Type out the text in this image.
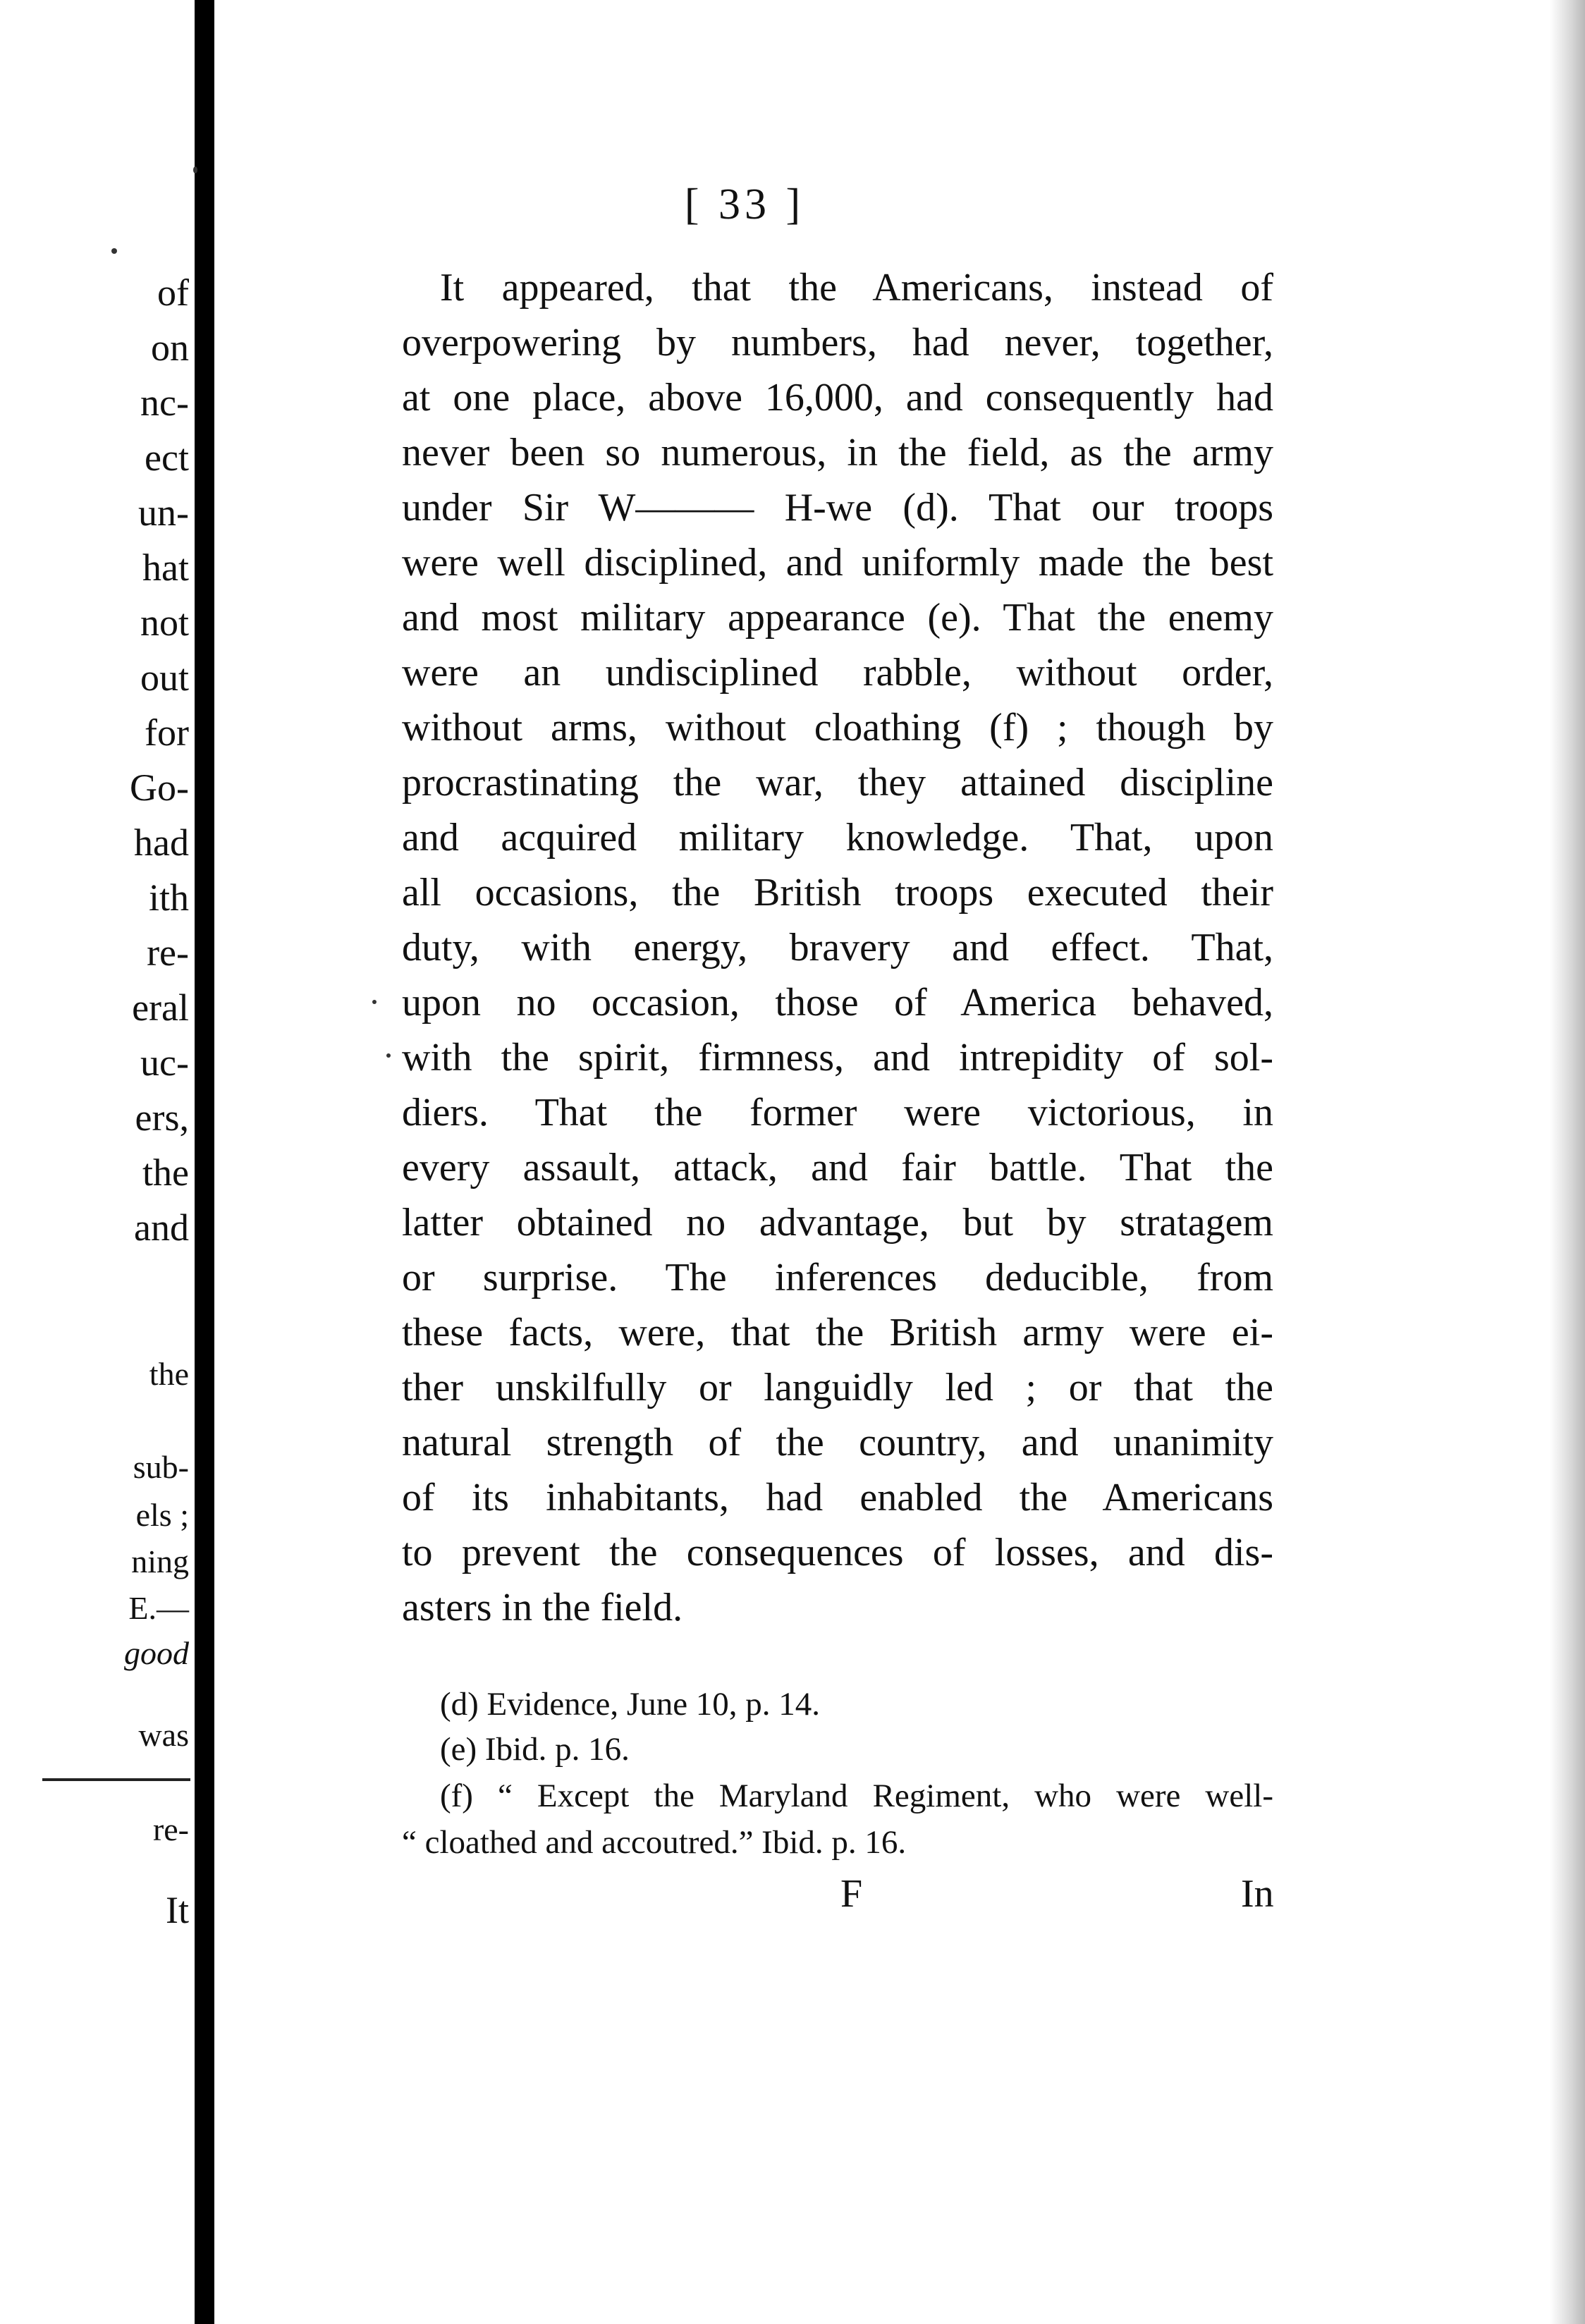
of
on
nc-
ect
un-
hat
not
out
for
Go-
had
ith
re-
eral
uc-
ers,
the
and
the
sub-
els ;
ning
E.—
good
was
re-
It
[ 33 ]
It appeared, that the Americans, instead of
overpowering by numbers, had never, together,
at one place, above 16,000, and consequently had
never been so numerous, in the field, as the army
under Sir W——— H-we (d). That our troops
were well disciplined, and uniformly made the best
and most military appearance (e). That the enemy
were an undisciplined rabble, without order,
without arms, without cloathing (f) ; though by
procrastinating the war, they attained discipline
and acquired military knowledge. That, upon
all occasions, the British troops executed their
duty, with energy, bravery and effect. That,
upon no occasion, those of America behaved,
with the spirit, firmness, and intrepidity of sol-
diers. That the former were victorious, in
every assault, attack, and fair battle. That the
latter obtained no advantage, but by stratagem
or surprise. The inferences deducible, from
these facts, were, that the British army were ei-
ther unskilfully or languidly led ; or that the
natural strength of the country, and unanimity
of its inhabitants, had enabled the Americans
to prevent the consequences of losses, and dis-
asters in the field.
(d) Evidence, June 10, p. 14.
(e) Ibid. p. 16.
(f) “ Except the Maryland Regiment, who were well-
“ cloathed and accoutred.” Ibid. p. 16.
F	In
